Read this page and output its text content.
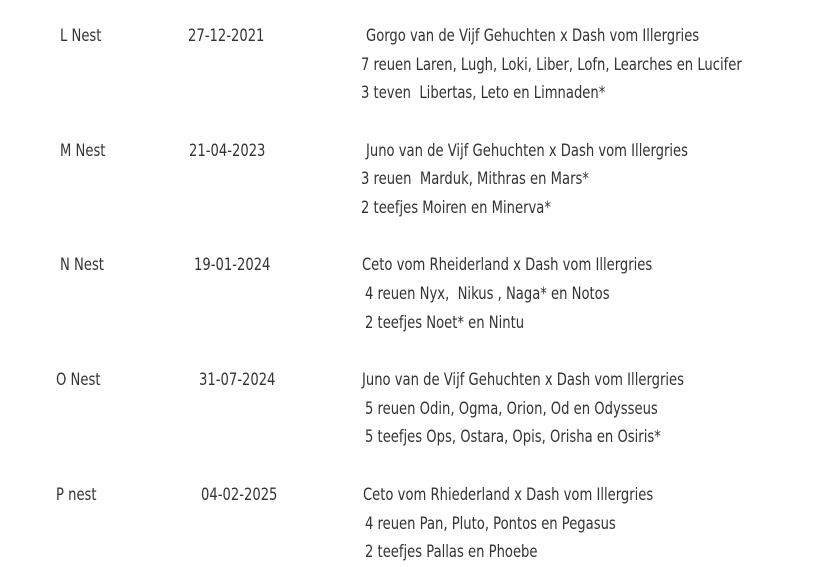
L Nest	27-12-2021	Gorgo van de Vijf Gehuchten x Dash vom Illergries
7 reuen Laren, Lugh, Loki, Liber, Lofn, Learches en Lucifer
3 teven  Libertas, Leto en Limnaden*
M Nest	21-04-2023	Juno van de Vijf Gehuchten x Dash vom Illergries
3 reuen  Marduk, Mithras en Mars*
2 teefjes Moiren en Minerva*
N Nest	19-01-2024	Ceto vom Rheiderland x Dash vom Illergries
4 reuen Nyx,  Nikus , Naga* en Notos
2 teefjes Noet* en Nintu
O Nest	31-07-2024	Juno van de Vijf Gehuchten x Dash vom Illergries
5 reuen Odin, Ogma, Orion, Od en Odysseus
5 teefjes Ops, Ostara, Opis, Orisha en Osiris*
P nest	04-02-2025	Ceto vom Rhiederland x Dash vom Illergries
4 reuen Pan, Pluto, Pontos en Pegasus
2 teefjes Pallas en Phoebe
